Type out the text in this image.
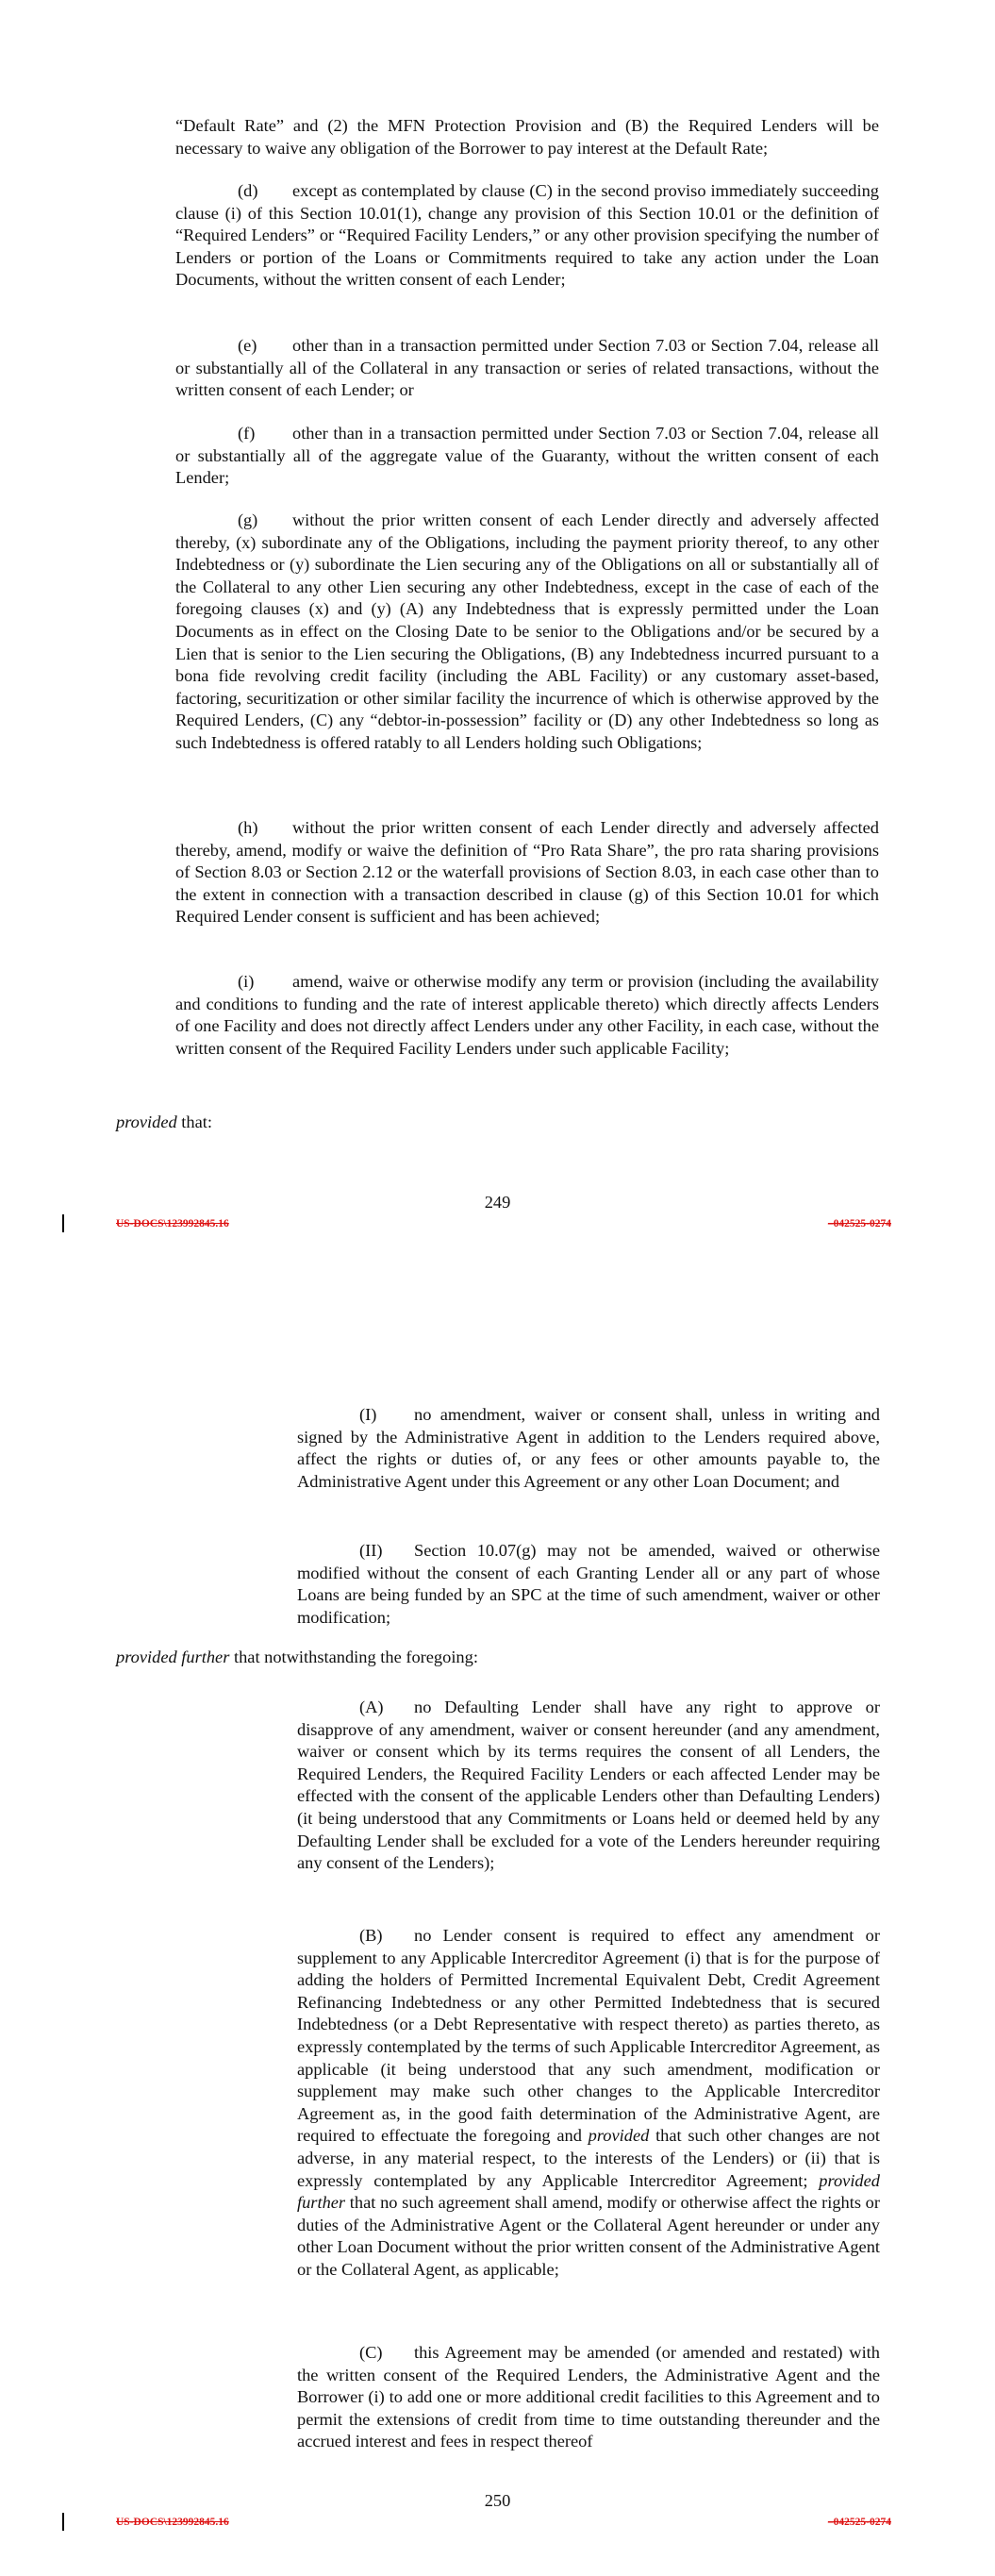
“Default Rate” and (2) the MFN Protection Provision and (B) the Required Lenders will be necessary to waive any obligation of the Borrower to pay interest at the Default Rate;

(d) except as contemplated by clause (C) in the second proviso immediately succeeding clause (i) of this Section 10.01(1), change any provision of this Section 10.01 or the definition of “Required Lenders” or “Required Facility Lenders,” or any other provision specifying the number of Lenders or portion of the Loans or Commitments required to take any action under the Loan Documents, without the written consent of each Lender;

(e) other than in a transaction permitted under Section 7.03 or Section 7.04, release all or substantially all of the Collateral in any transaction or series of related transactions, without the written consent of each Lender; or

(f) other than in a transaction permitted under Section 7.03 or Section 7.04, release all or substantially all of the aggregate value of the Guaranty, without the written consent of each Lender;

(g) without the prior written consent of each Lender directly and adversely affected thereby, (x) subordinate any of the Obligations, including the payment priority thereof, to any other Indebtedness or (y) subordinate the Lien securing any of the Obligations on all or substantially all of the Collateral to any other Lien securing any other Indebtedness, except in the case of each of the foregoing clauses (x) and (y) (A) any Indebtedness that is expressly permitted under the Loan Documents as in effect on the Closing Date to be senior to the Obligations and/or be secured by a Lien that is senior to the Lien securing the Obligations, (B) any Indebtedness incurred pursuant to a bona fide revolving credit facility (including the ABL Facility) or any customary asset-based, factoring, securitization or other similar facility the incurrence of which is otherwise approved by the Required Lenders, (C) any “debtor-in-possession” facility or (D) any other Indebtedness so long as such Indebtedness is offered ratably to all Lenders holding such Obligations;

(h) without the prior written consent of each Lender directly and adversely affected thereby, amend, modify or waive the definition of “Pro Rata Share”, the pro rata sharing provisions of Section 8.03 or Section 2.12 or the waterfall provisions of Section 8.03, in each case other than to the extent in connection with a transaction described in clause (g) of this Section 10.01 for which Required Lender consent is sufficient and has been achieved;

(i) amend, waive or otherwise modify any term or provision (including the availability and conditions to funding and the rate of interest applicable thereto) which directly affects Lenders of one Facility and does not directly affect Lenders under any other Facility, in each case, without the written consent of the Required Facility Lenders under such applicable Facility;

provided that:

249
US-DOCS\123992845.16	–042525-0274

(I) no amendment, waiver or consent shall, unless in writing and signed by the Administrative Agent in addition to the Lenders required above, affect the rights or duties of, or any fees or other amounts payable to, the Administrative Agent under this Agreement or any other Loan Document; and

(II) Section 10.07(g) may not be amended, waived or otherwise modified without the consent of each Granting Lender all or any part of whose Loans are being funded by an SPC at the time of such amendment, waiver or other modification;

provided further that notwithstanding the foregoing:

(A) no Defaulting Lender shall have any right to approve or disapprove of any amendment, waiver or consent hereunder (and any amendment, waiver or consent which by its terms requires the consent of all Lenders, the Required Lenders, the Required Facility Lenders or each affected Lender may be effected with the consent of the applicable Lenders other than Defaulting Lenders) (it being understood that any Commitments or Loans held or deemed held by any Defaulting Lender shall be excluded for a vote of the Lenders hereunder requiring any consent of the Lenders);

(B) no Lender consent is required to effect any amendment or supplement to any Applicable Intercreditor Agreement (i) that is for the purpose of adding the holders of Permitted Incremental Equivalent Debt, Credit Agreement Refinancing Indebtedness or any other Permitted Indebtedness that is secured Indebtedness (or a Debt Representative with respect thereto) as parties thereto, as expressly contemplated by the terms of such Applicable Intercreditor Agreement, as applicable (it being understood that any such amendment, modification or supplement may make such other changes to the Applicable Intercreditor Agreement as, in the good faith determination of the Administrative Agent, are required to effectuate the foregoing and provided that such other changes are not adverse, in any material respect, to the interests of the Lenders) or (ii) that is expressly contemplated by any Applicable Intercreditor Agreement; provided further that no such agreement shall amend, modify or otherwise affect the rights or duties of the Administrative Agent or the Collateral Agent hereunder or under any other Loan Document without the prior written consent of the Administrative Agent or the Collateral Agent, as applicable;

(C) this Agreement may be amended (or amended and restated) with the written consent of the Required Lenders, the Administrative Agent and the Borrower (i) to add one or more additional credit facilities to this Agreement and to permit the extensions of credit from time to time outstanding thereunder and the accrued interest and fees in respect thereof

250
US-DOCS\123992845.16	–042525-0274
